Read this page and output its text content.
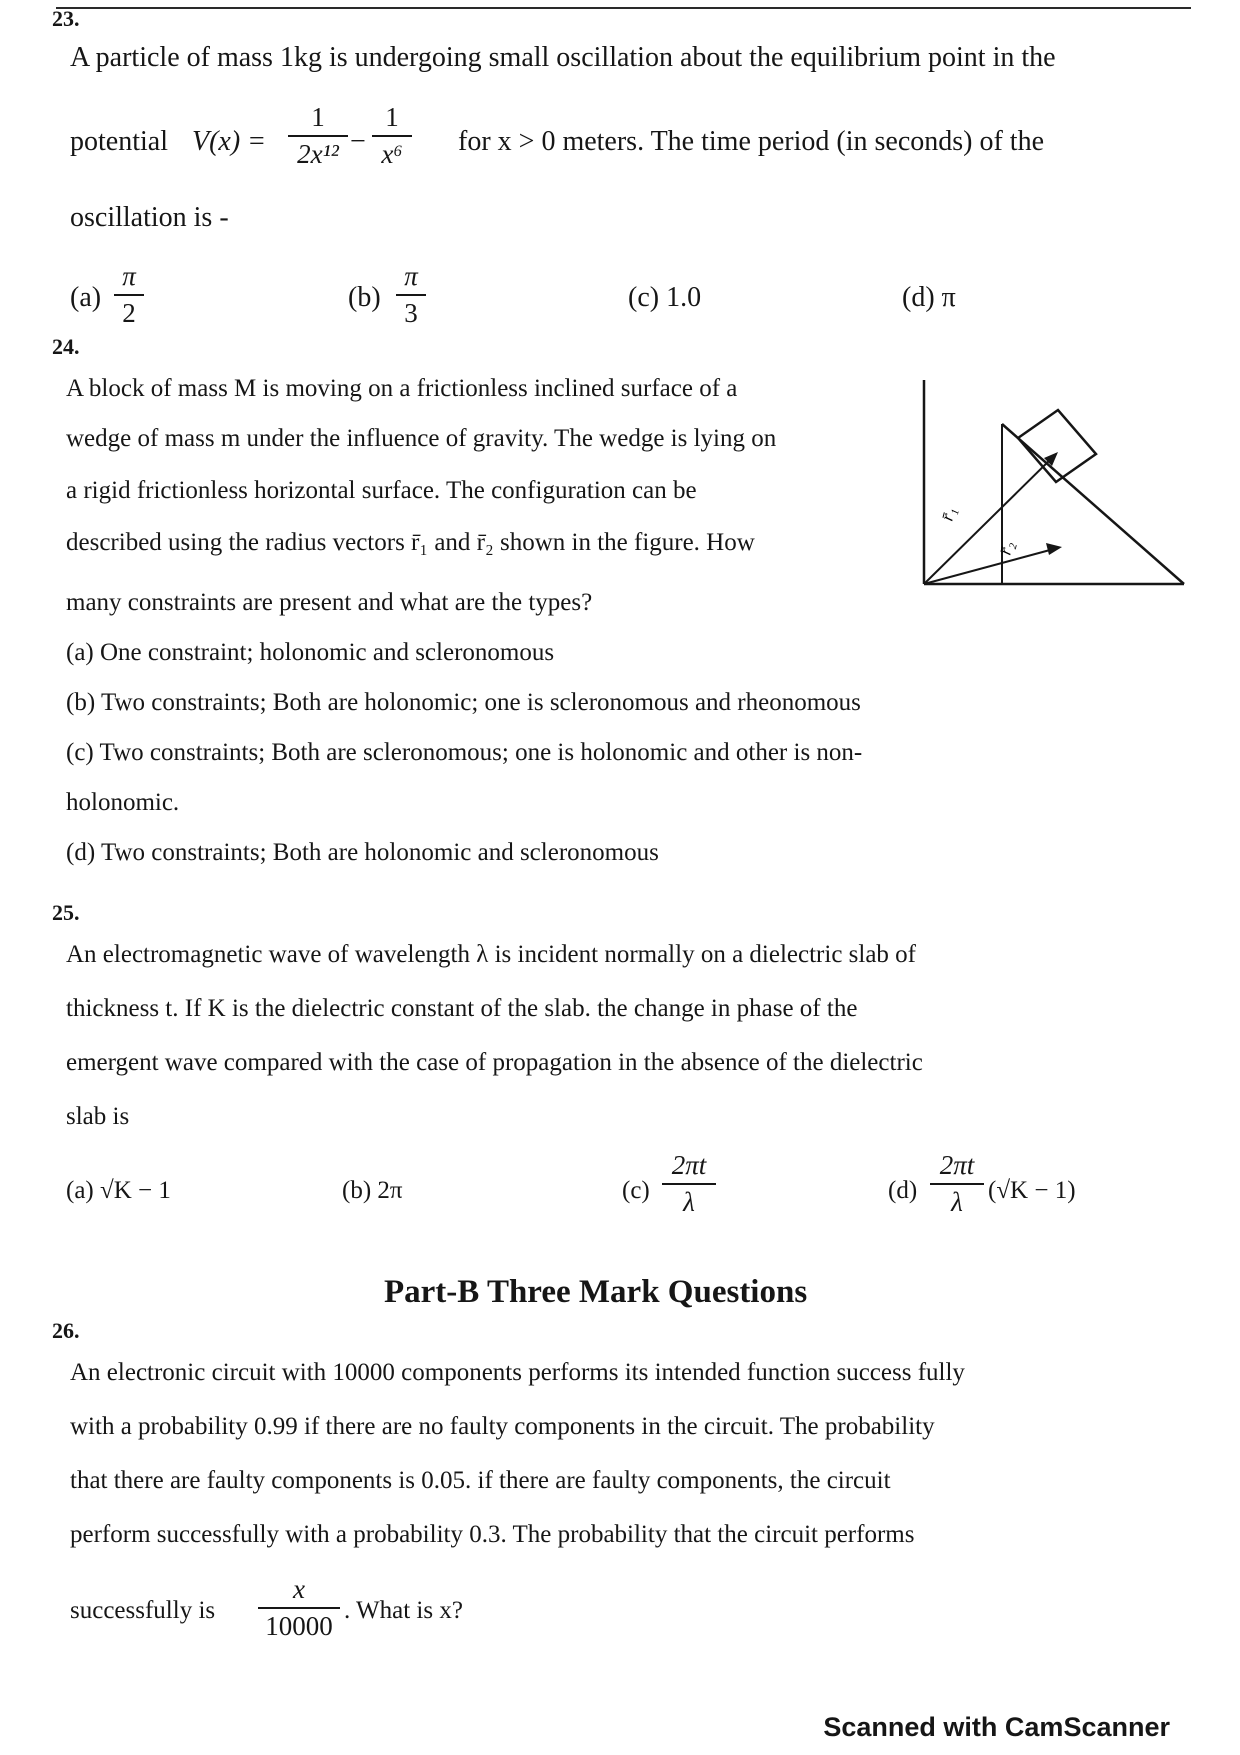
23.
A particle of mass 1kg is undergoing small oscillation about the equilibrium point in the
potential V(x) =
1
2x¹² −
1
x⁶	for x > 0 meters. The time period (in seconds) of the
oscillation is -
(a)
π
2	(b)
π
3	(c) 1.0	(d) π
24.
A block of mass M is moving on a frictionless inclined surface of a
wedge of mass m under the influence of gravity. The wedge is lying on
a rigid frictionless horizontal surface. The configuration can be
described using the radius vectors r̄₁ and r̄₂ shown in the figure. How
many constraints are present and what are the types?
r̄₁
r̄₂
(a) One constraint; holonomic and scleronomous
(b) Two constraints; Both are holonomic; one is scleronomous and rheonomous
(c) Two constraints; Both are scleronomous; one is holonomic and other is non-
holonomic.
(d) Two constraints; Both are holonomic and scleronomous
25.
An electromagnetic wave of wavelength λ is incident normally on a dielectric slab of
thickness t. If K is the dielectric constant of the slab. the change in phase of the
emergent wave compared with the case of propagation in the absence of the dielectric
slab is
(a) √K − 1	(b) 2π	(c)
2πt
λ	(d)
2πt
λ	(√K − 1)
Part-B Three Mark Questions
26.
An electronic circuit with 10000 components performs its intended function success fully
with a probability 0.99 if there are no faulty components in the circuit. The probability
that there are faulty components is 0.05. if there are faulty components, the circuit
perform successfully with a probability 0.3. The probability that the circuit performs
successfully is
x
10000
. What is x?
Scanned with CamScanner
